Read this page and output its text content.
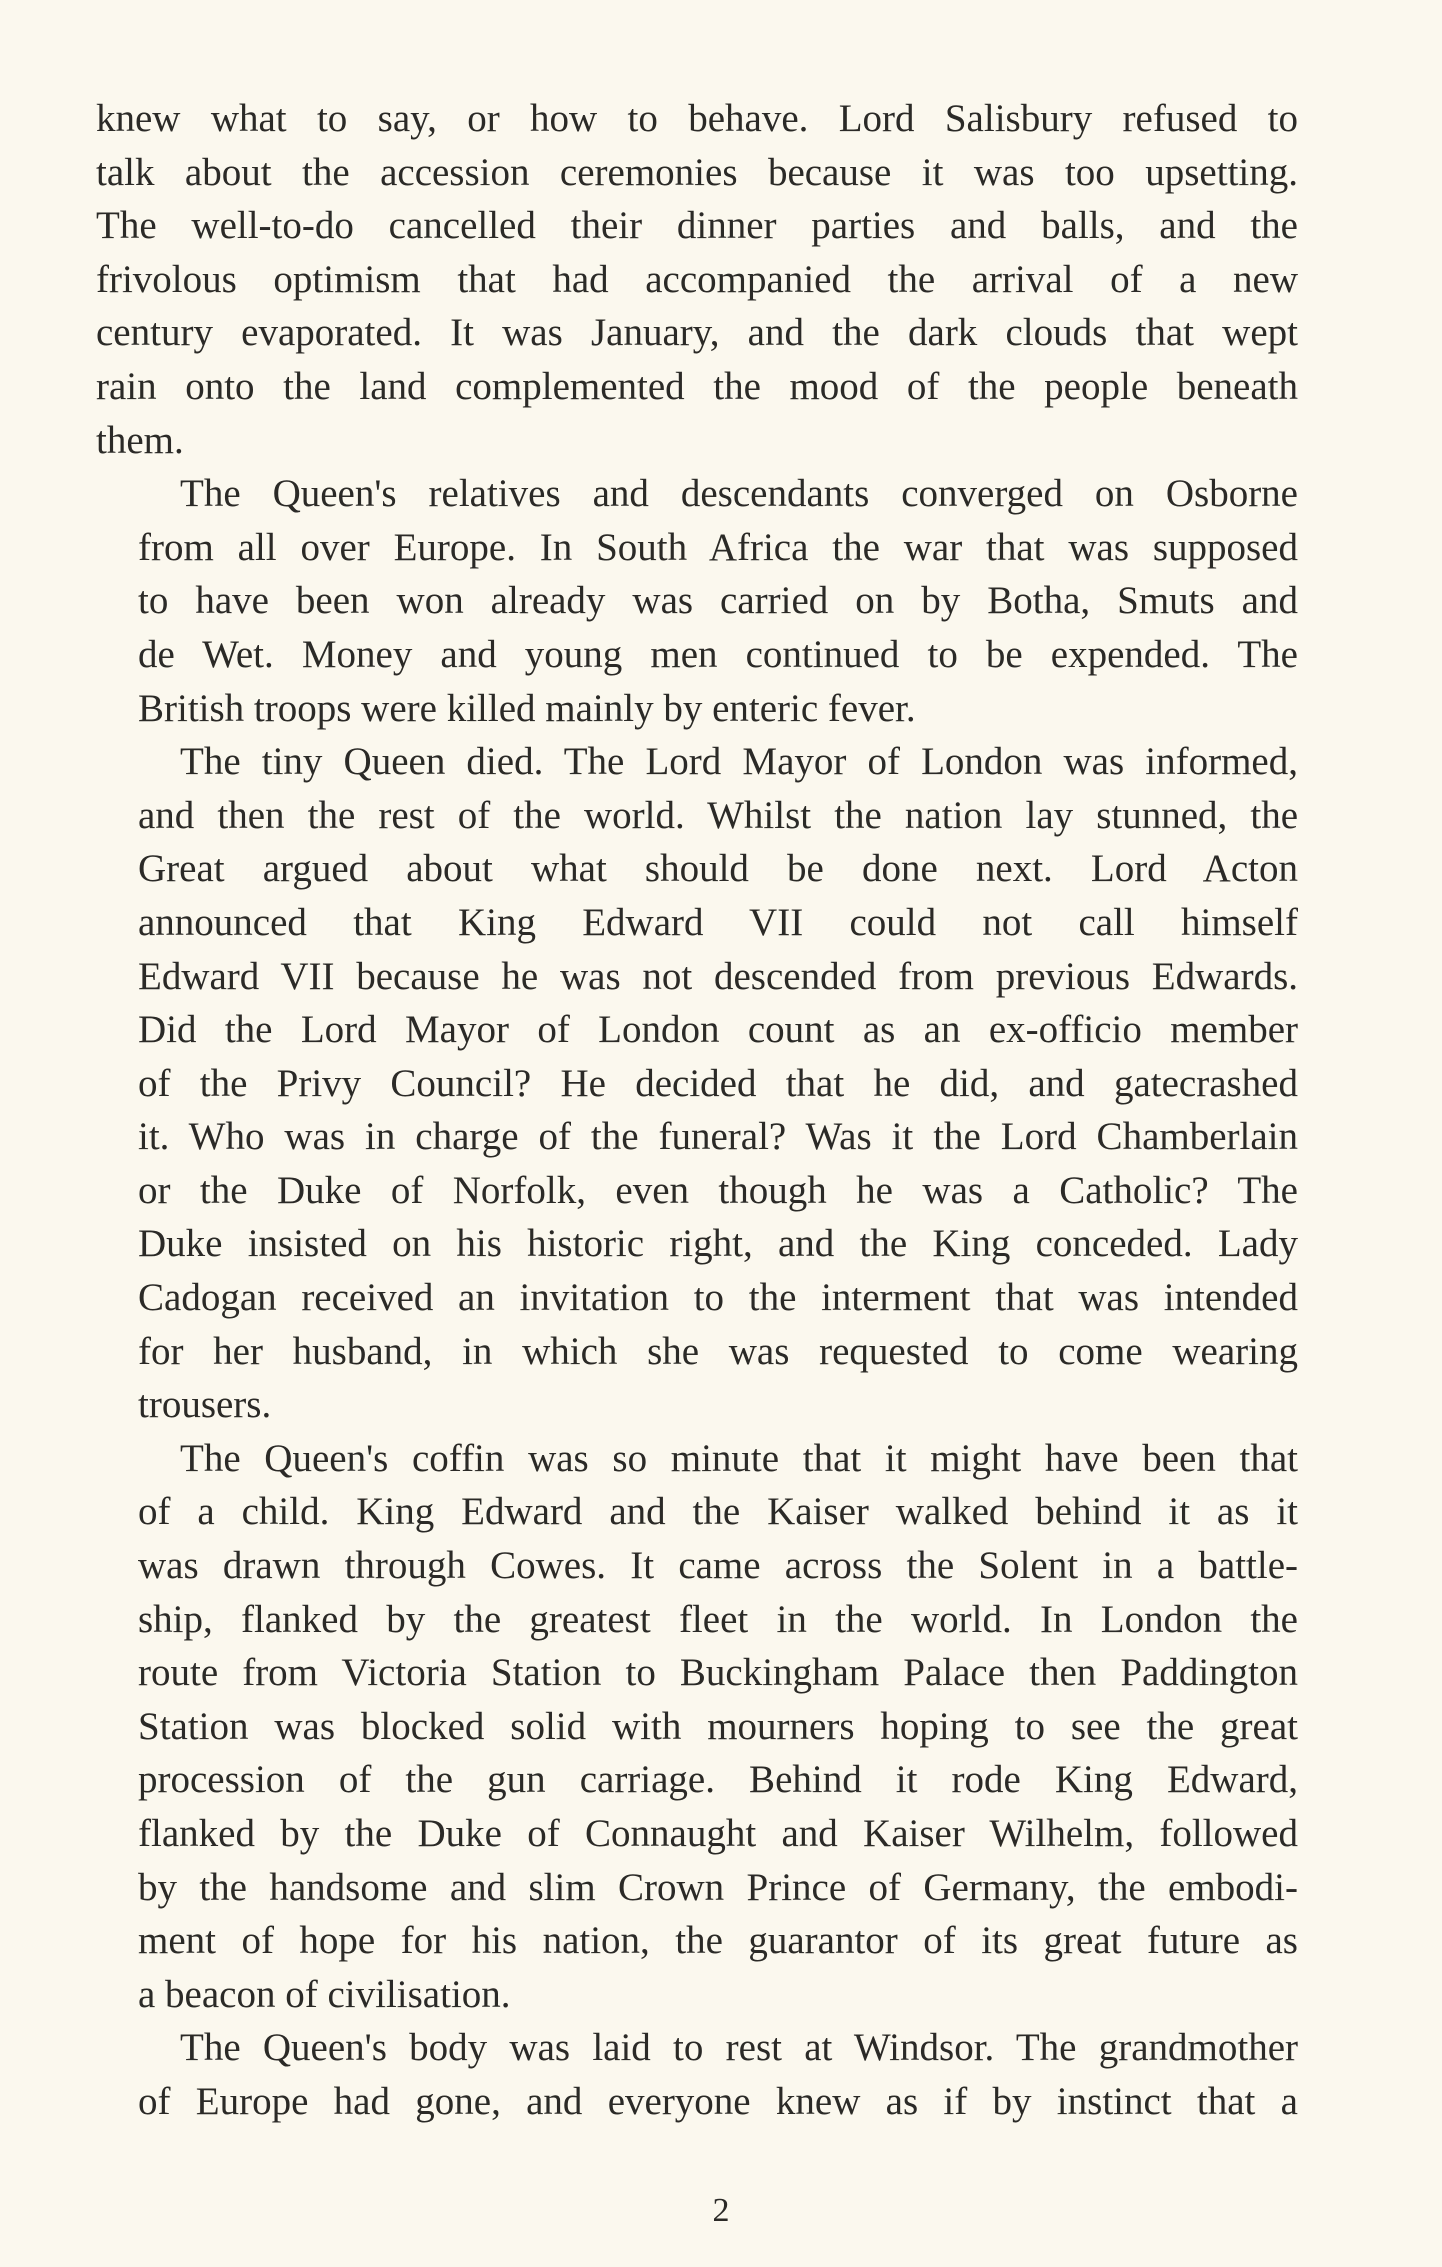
knew what to say, or how to behave. Lord Salisbury refused to
talk about the accession ceremonies because it was too upsetting.
The well-to-do cancelled their dinner parties and balls, and the
frivolous optimism that had accompanied the arrival of a new
century evaporated. It was January, and the dark clouds that wept
rain onto the land complemented the mood of the people beneath
them.
The Queen's relatives and descendants converged on Osborne
from all over Europe. In South Africa the war that was supposed
to have been won already was carried on by Botha, Smuts and
de Wet. Money and young men continued to be expended. The
British troops were killed mainly by enteric fever.
The tiny Queen died. The Lord Mayor of London was informed,
and then the rest of the world. Whilst the nation lay stunned, the
Great argued about what should be done next. Lord Acton
announced that King Edward VII could not call himself
Edward VII because he was not descended from previous Edwards.
Did the Lord Mayor of London count as an ex-officio member
of the Privy Council? He decided that he did, and gatecrashed
it. Who was in charge of the funeral? Was it the Lord Chamberlain
or the Duke of Norfolk, even though he was a Catholic? The
Duke insisted on his historic right, and the King conceded. Lady
Cadogan received an invitation to the interment that was intended
for her husband, in which she was requested to come wearing
trousers.
The Queen's coffin was so minute that it might have been that
of a child. King Edward and the Kaiser walked behind it as it
was drawn through Cowes. It came across the Solent in a battle-
ship, flanked by the greatest fleet in the world. In London the
route from Victoria Station to Buckingham Palace then Paddington
Station was blocked solid with mourners hoping to see the great
procession of the gun carriage. Behind it rode King Edward,
flanked by the Duke of Connaught and Kaiser Wilhelm, followed
by the handsome and slim Crown Prince of Germany, the embodi-
ment of hope for his nation, the guarantor of its great future as
a beacon of civilisation.
The Queen's body was laid to rest at Windsor. The grandmother
of Europe had gone, and everyone knew as if by instinct that a
2
